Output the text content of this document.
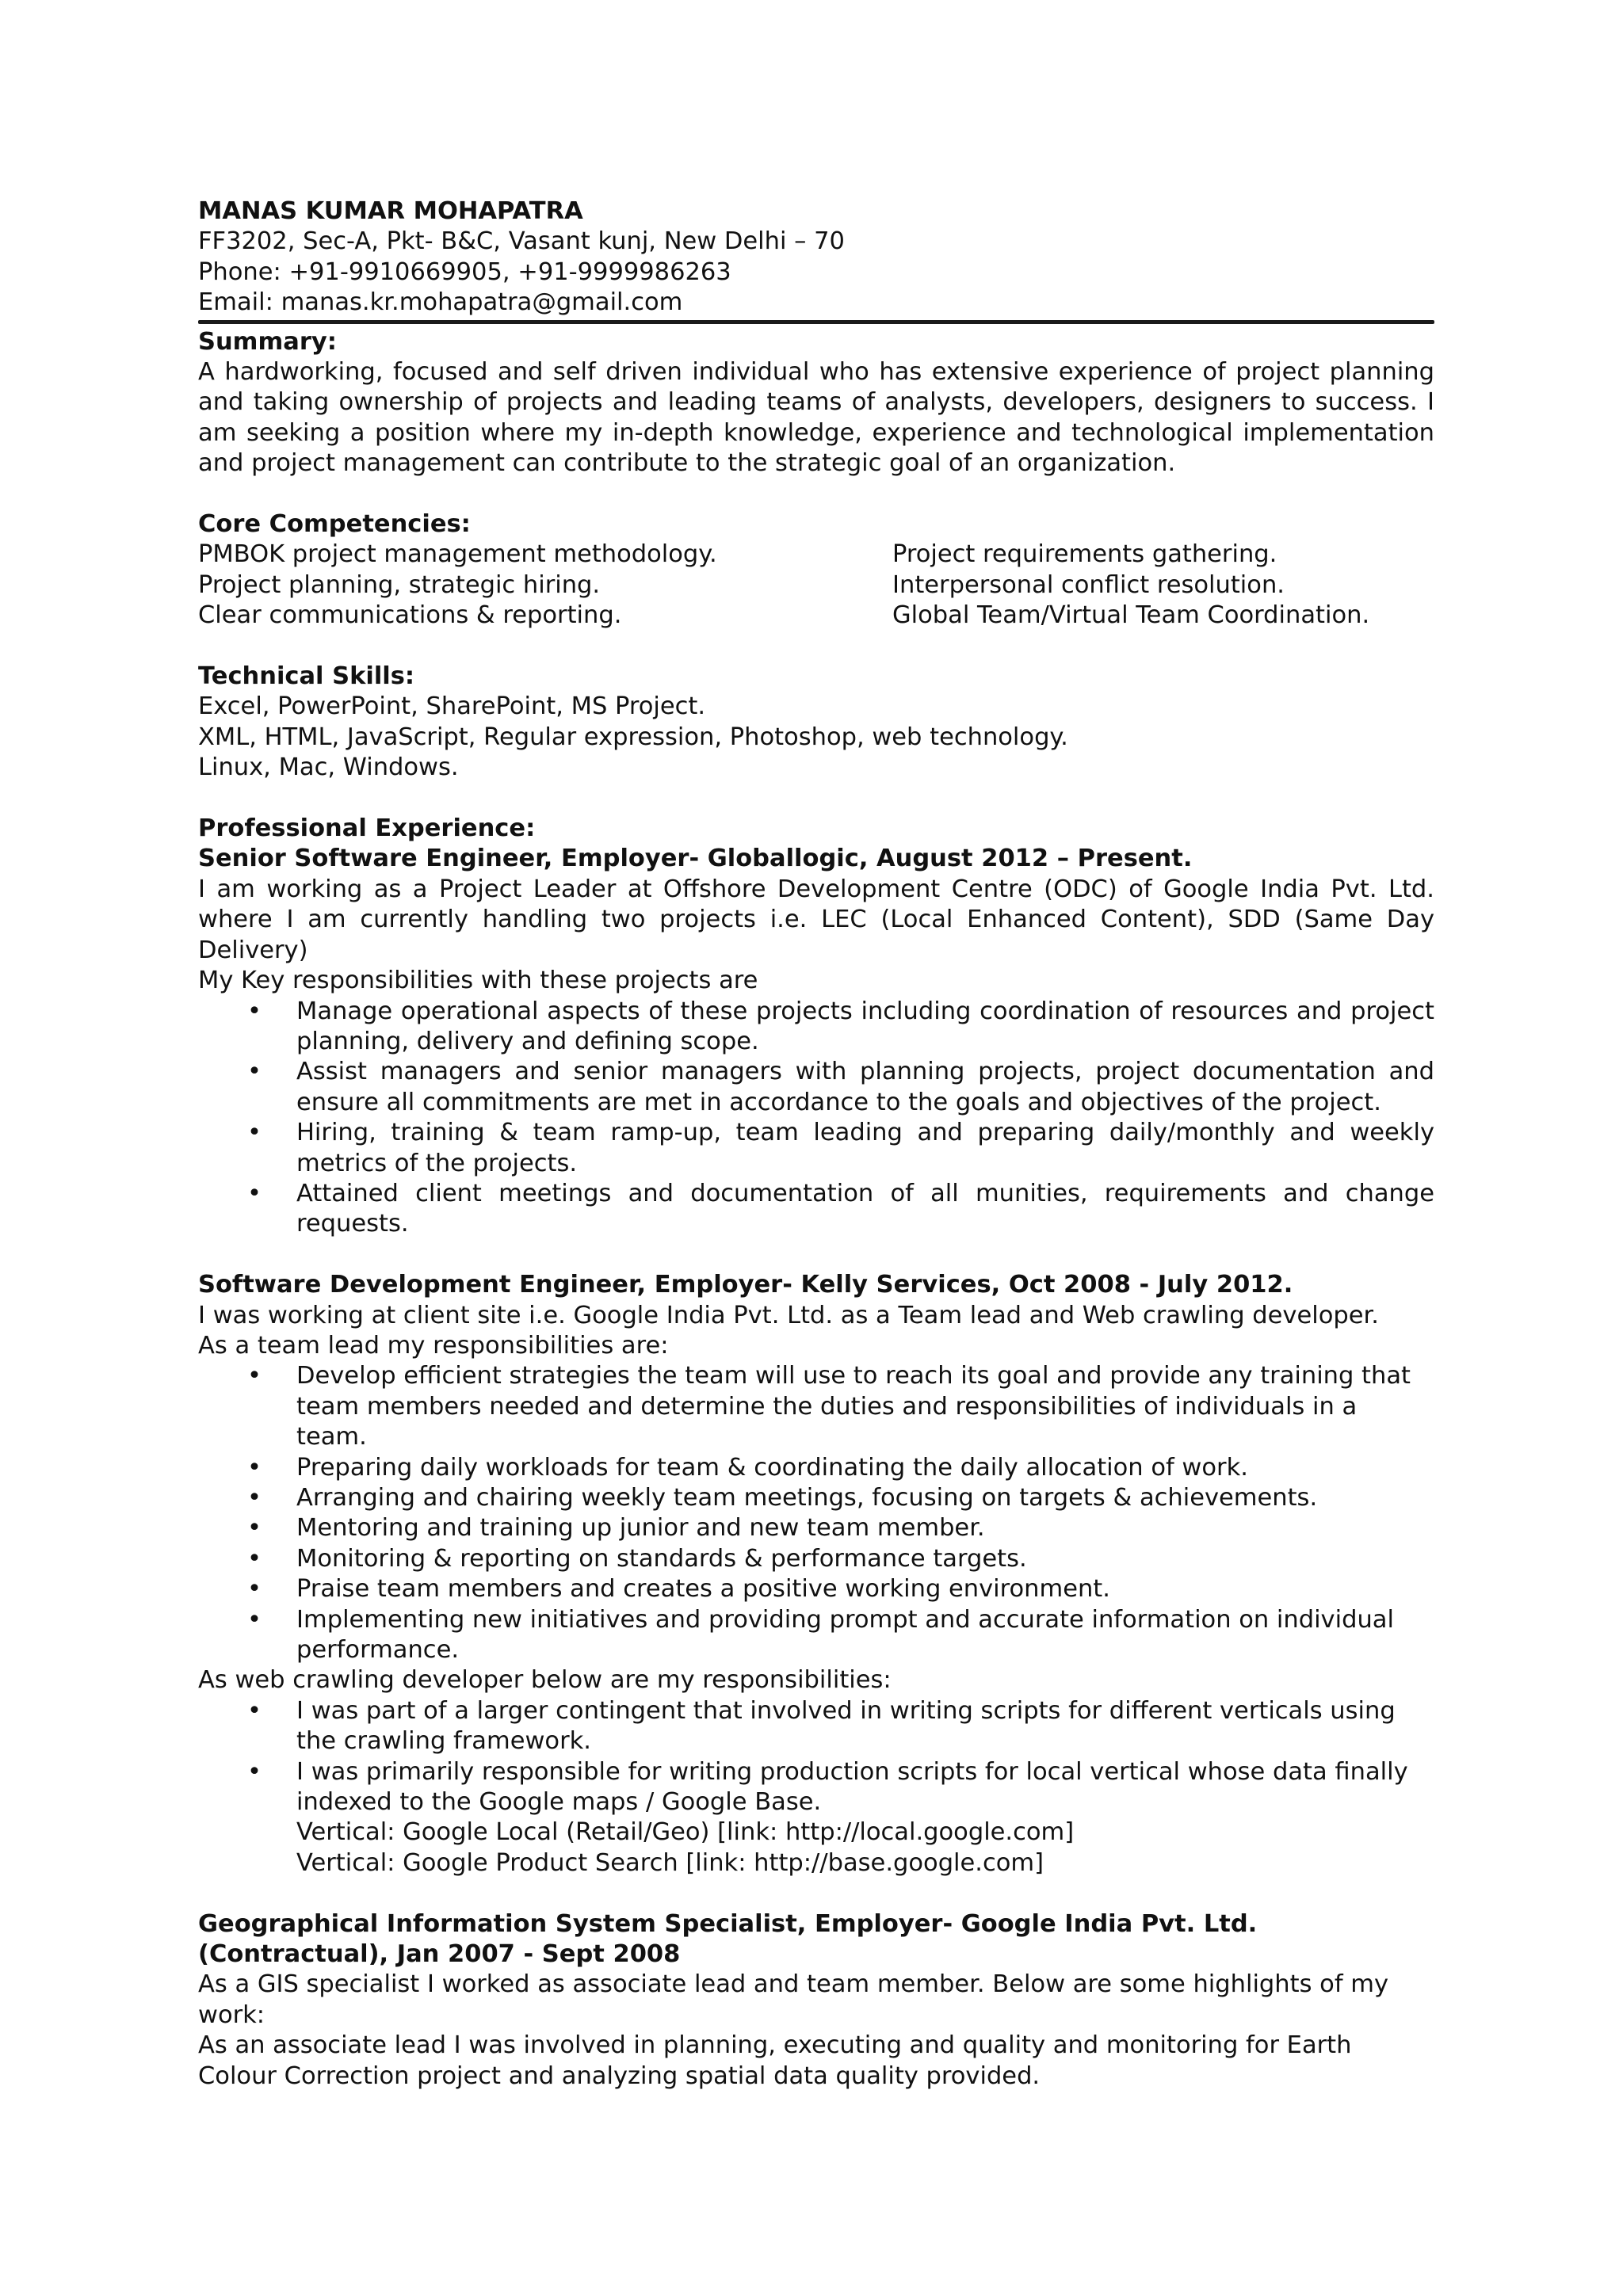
MANAS KUMAR MOHAPATRA
FF3202, Sec-A, Pkt- B&C, Vasant kunj, New Delhi – 70
Phone: +91-9910669905, +91-9999986263
Email: manas.kr.mohapatra@gmail.com
Summary:
A hardworking, focused and self driven individual who has extensive experience of project planning and taking ownership of projects and leading teams of analysts, developers, designers to success. I am seeking a position where my in-depth knowledge, experience and technological implementation and project management can contribute to the strategic goal of an organization.
Core Competencies:
PMBOK project management methodology.	Project requirements gathering.
Project planning, strategic hiring.	Interpersonal conflict resolution.
Clear communications & reporting.	Global Team/Virtual Team Coordination.
Technical Skills:
Excel, PowerPoint, SharePoint, MS Project.
XML, HTML, JavaScript, Regular expression, Photoshop, web technology.
Linux, Mac, Windows.
Professional Experience:
Senior Software Engineer, Employer- Globallogic, August 2012 – Present.
I am working as a Project Leader at Offshore Development Centre (ODC) of Google India Pvt. Ltd. where I am currently handling two projects i.e. LEC (Local Enhanced Content), SDD (Same Day Delivery)
My Key responsibilities with these projects are
• Manage operational aspects of these projects including coordination of resources and project planning, delivery and defining scope.
• Assist managers and senior managers with planning projects, project documentation and ensure all commitments are met in accordance to the goals and objectives of the project.
• Hiring, training & team ramp-up, team leading and preparing daily/monthly and weekly metrics of the projects.
• Attained client meetings and documentation of all munities, requirements and change requests.
Software Development Engineer, Employer- Kelly Services, Oct 2008 - July 2012.
I was working at client site i.e. Google India Pvt. Ltd. as a Team lead and Web crawling developer.
As a team lead my responsibilities are:
• Develop efficient strategies the team will use to reach its goal and provide any training that team members needed and determine the duties and responsibilities of individuals in a team.
• Preparing daily workloads for team & coordinating the daily allocation of work.
• Arranging and chairing weekly team meetings, focusing on targets & achievements.
• Mentoring and training up junior and new team member.
• Monitoring & reporting on standards & performance targets.
• Praise team members and creates a positive working environment.
• Implementing new initiatives and providing prompt and accurate information on individual performance.
As web crawling developer below are my responsibilities:
• I was part of a larger contingent that involved in writing scripts for different verticals using the crawling framework.
• I was primarily responsible for writing production scripts for local vertical whose data finally indexed to the Google maps / Google Base.
Vertical: Google Local (Retail/Geo) [link: http://local.google.com]
Vertical: Google Product Search [link: http://base.google.com]
Geographical Information System Specialist, Employer- Google India Pvt. Ltd.
(Contractual), Jan 2007 - Sept 2008
As a GIS specialist I worked as associate lead and team member. Below are some highlights of my work:
As an associate lead I was involved in planning, executing and quality and monitoring for Earth Colour Correction project and analyzing spatial data quality provided.
